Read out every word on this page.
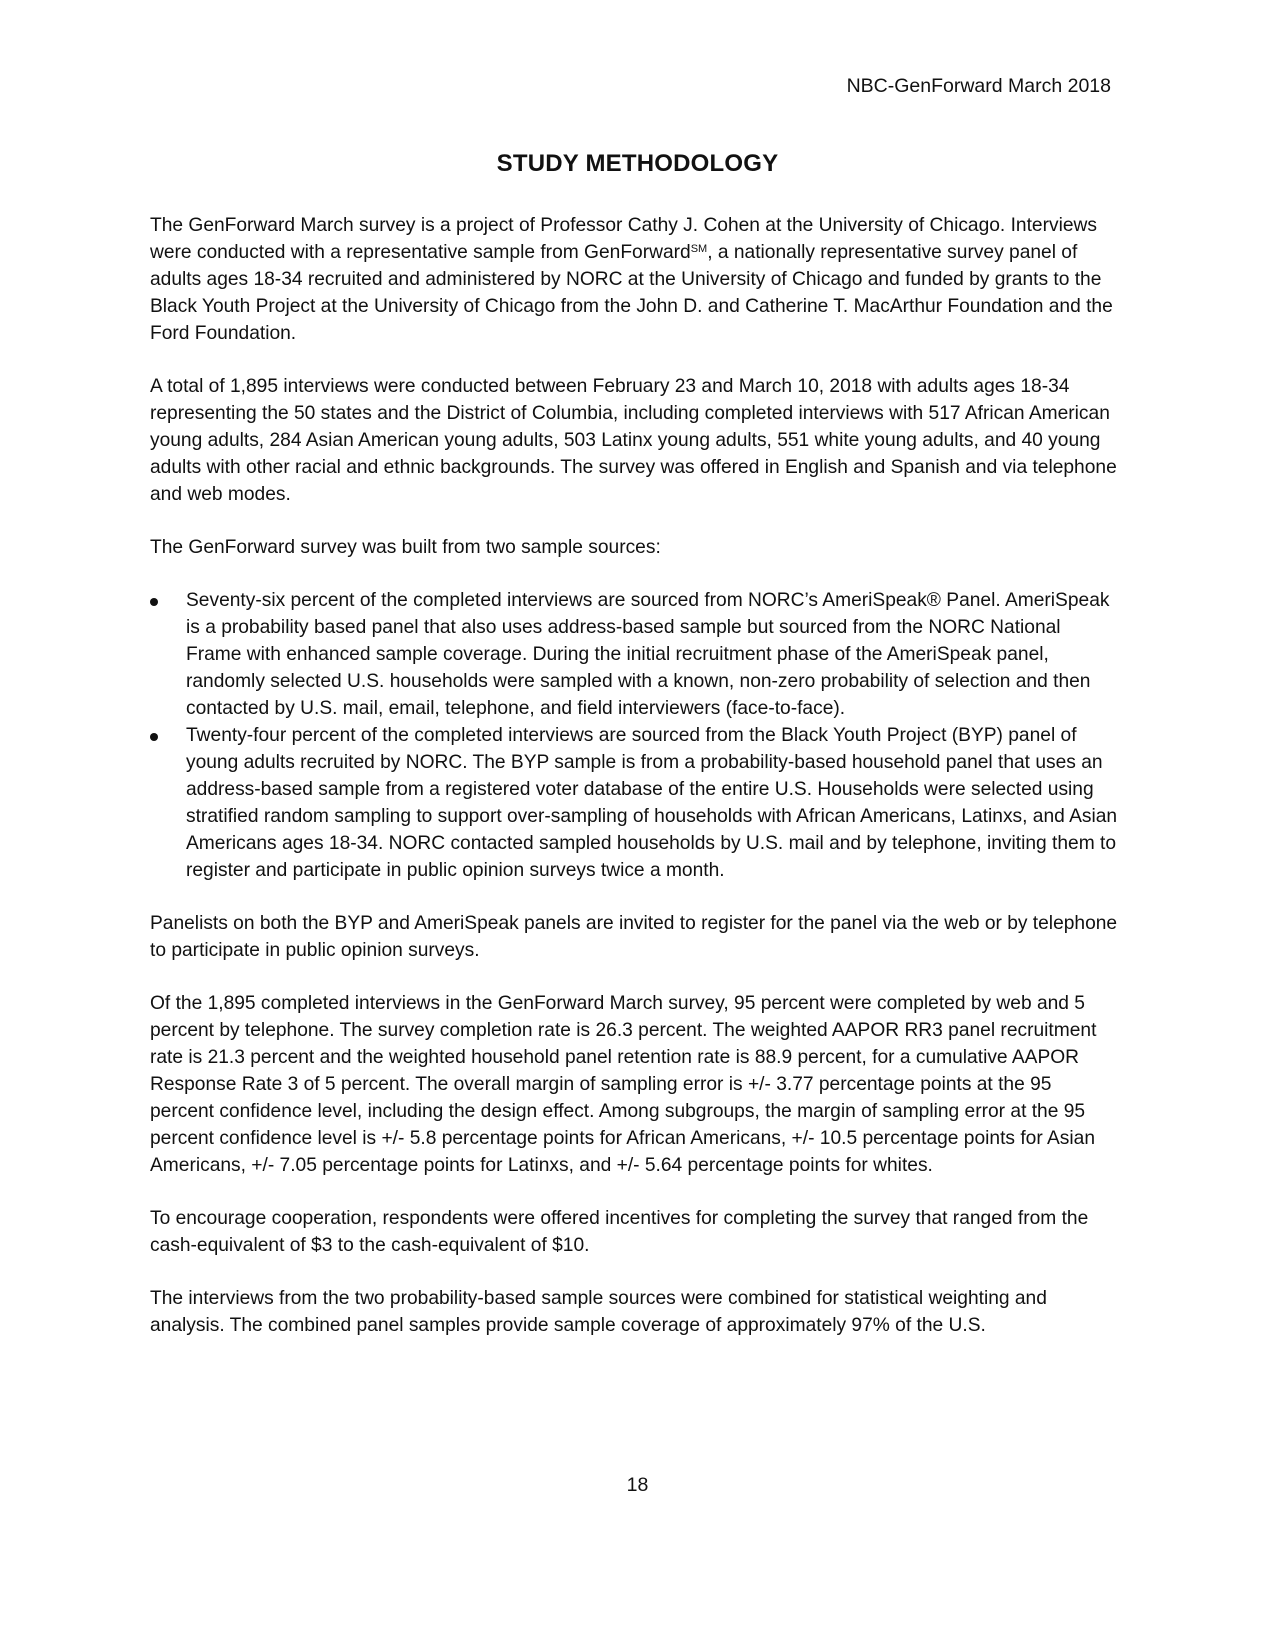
NBC-GenForward March 2018
STUDY METHODOLOGY

The GenForward March survey is a project of Professor Cathy J. Cohen at the University of Chicago. Interviews were conducted with a representative sample from GenForward℠, a nationally representative survey panel of adults ages 18-34 recruited and administered by NORC at the University of Chicago and funded by grants to the Black Youth Project at the University of Chicago from the John D. and Catherine T. MacArthur Foundation and the Ford Foundation.

A total of 1,895 interviews were conducted between February 23 and March 10, 2018 with adults ages 18-34 representing the 50 states and the District of Columbia, including completed interviews with 517 African American young adults, 284 Asian American young adults, 503 Latinx young adults, 551 white young adults, and 40 young adults with other racial and ethnic backgrounds. The survey was offered in English and Spanish and via telephone and web modes.

The GenForward survey was built from two sample sources:

Seventy-six percent of the completed interviews are sourced from NORC’s AmeriSpeak® Panel. AmeriSpeak is a probability based panel that also uses address-based sample but sourced from the NORC National Frame with enhanced sample coverage. During the initial recruitment phase of the AmeriSpeak panel, randomly selected U.S. households were sampled with a known, non-zero probability of selection and then contacted by U.S. mail, email, telephone, and field interviewers (face-to-face).
Twenty-four percent of the completed interviews are sourced from the Black Youth Project (BYP) panel of young adults recruited by NORC. The BYP sample is from a probability-based household panel that uses an address-based sample from a registered voter database of the entire U.S. Households were selected using stratified random sampling to support over-sampling of households with African Americans, Latinxs, and Asian Americans ages 18-34. NORC contacted sampled households by U.S. mail and by telephone, inviting them to register and participate in public opinion surveys twice a month.

Panelists on both the BYP and AmeriSpeak panels are invited to register for the panel via the web or by telephone to participate in public opinion surveys.

Of the 1,895 completed interviews in the GenForward March survey, 95 percent were completed by web and 5 percent by telephone. The survey completion rate is 26.3 percent. The weighted AAPOR RR3 panel recruitment rate is 21.3 percent and the weighted household panel retention rate is 88.9 percent, for a cumulative AAPOR Response Rate 3 of 5 percent. The overall margin of sampling error is +/- 3.77 percentage points at the 95 percent confidence level, including the design effect. Among subgroups, the margin of sampling error at the 95 percent confidence level is +/- 5.8 percentage points for African Americans, +/- 10.5 percentage points for Asian Americans, +/- 7.05 percentage points for Latinxs, and +/- 5.64 percentage points for whites.

To encourage cooperation, respondents were offered incentives for completing the survey that ranged from the cash-equivalent of $3 to the cash-equivalent of $10.

The interviews from the two probability-based sample sources were combined for statistical weighting and analysis. The combined panel samples provide sample coverage of approximately 97% of the U.S.

18
